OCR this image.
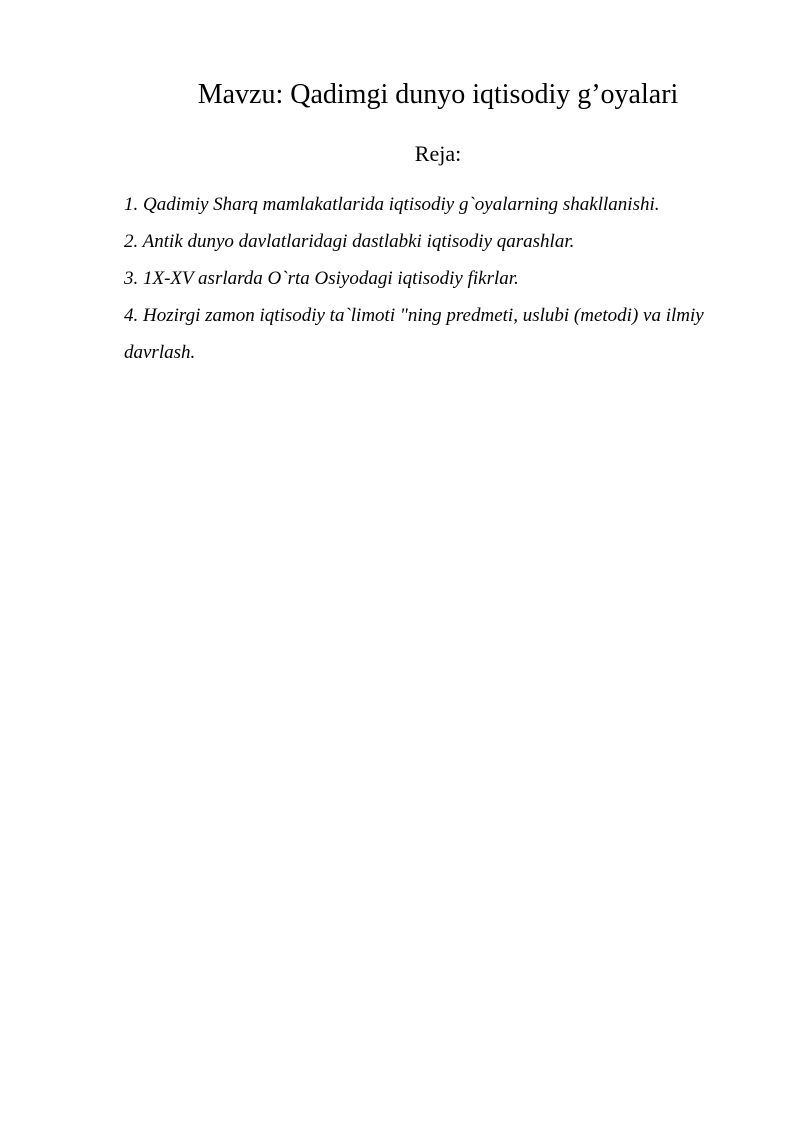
Mavzu: Qadimgi dunyo iqtisodiy g’oyalari
Reja:
1. Qadimiy Sharq mamlakatlarida iqtisodiy g`oyalarning shakllanishi.
2. Antik dunyo davlatlaridagi dastlabki iqtisodiy qarashlar.
3. 1X-XV asrlarda O`rta Osiyodagi iqtisodiy fikrlar.
4. Hozirgi zamon iqtisodiy ta`limoti "ning predmeti, uslubi (metodi) va ilmiy davrlash.
